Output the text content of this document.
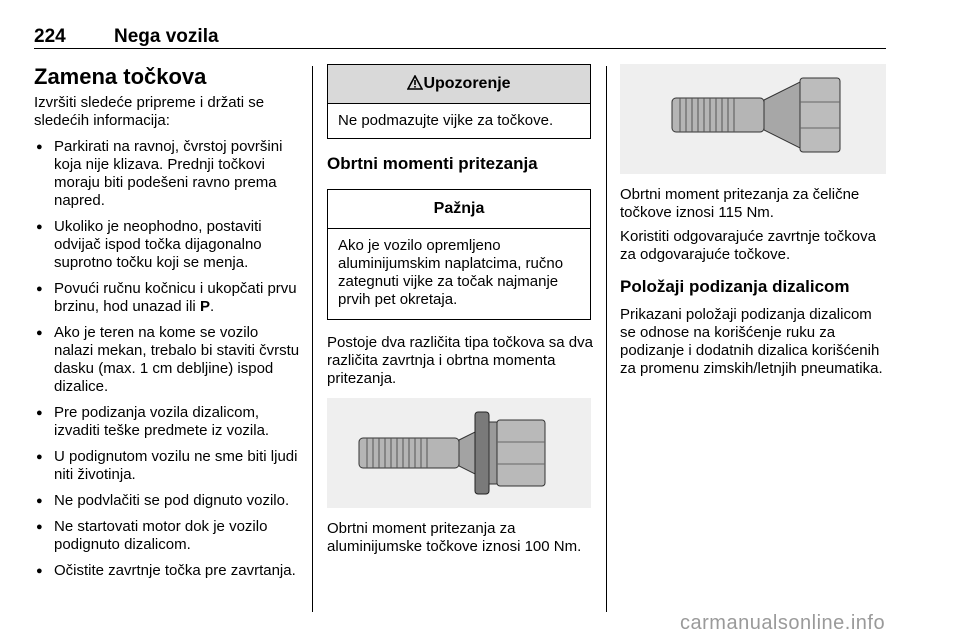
224	Nega vozila
Zamena točkova

Izvršiti sledeće pripreme i držati se sledećih informacija:

● Parkirati na ravnoj, čvrstoj površini koja nije klizava. Prednji točkovi moraju biti podešeni ravno prema napred.
● Ukoliko je neophodno, postaviti odvijač ispod točka dijagonalno suprotno točku koji se menja.
● Povući ručnu kočnicu i ukopčati prvu brzinu, hod unazad ili P.
● Ako je teren na kome se vozilo nalazi mekan, trebalo bi staviti čvrstu dasku (max. 1 cm debljine) ispod dizalice.
● Pre podizanja vozila dizalicom, izvaditi teške predmete iz vozila.
● U podignutom vozilu ne sme biti ljudi niti životinja.
● Ne podvlačiti se pod dignuto vozilo.
● Ne startovati motor dok je vozilo podignuto dizalicom.
● Očistite zavrtnje točka pre zavrtanja.
Upozorenje
Ne podmazujte vijke za točkove.
Obrtni momenti pritezanja
Pažnja
Ako je vozilo opremljeno aluminijumskim naplatcima, ručno zategnuti vijke za točak najmanje prvih pet okretaja.

Postoje dva različita tipa točkova sa dva različita zavrtnja i obrtna momenta pritezanja.

Obrtni moment pritezanja za aluminijumske točkove iznosi 100 Nm.

Obrtni moment pritezanja za čelične točkove iznosi 115 Nm.

Koristiti odgovarajuće zavrtnje točkova za odgovarajuće točkove.

Položaji podizanja dizalicom

Prikazani položaji podizanja dizalicom se odnose na korišćenje ruku za podizanje i dodatnih dizalica korišćenih za promenu zimskih/letnjih pneumatika.

carmanualsonline.info
